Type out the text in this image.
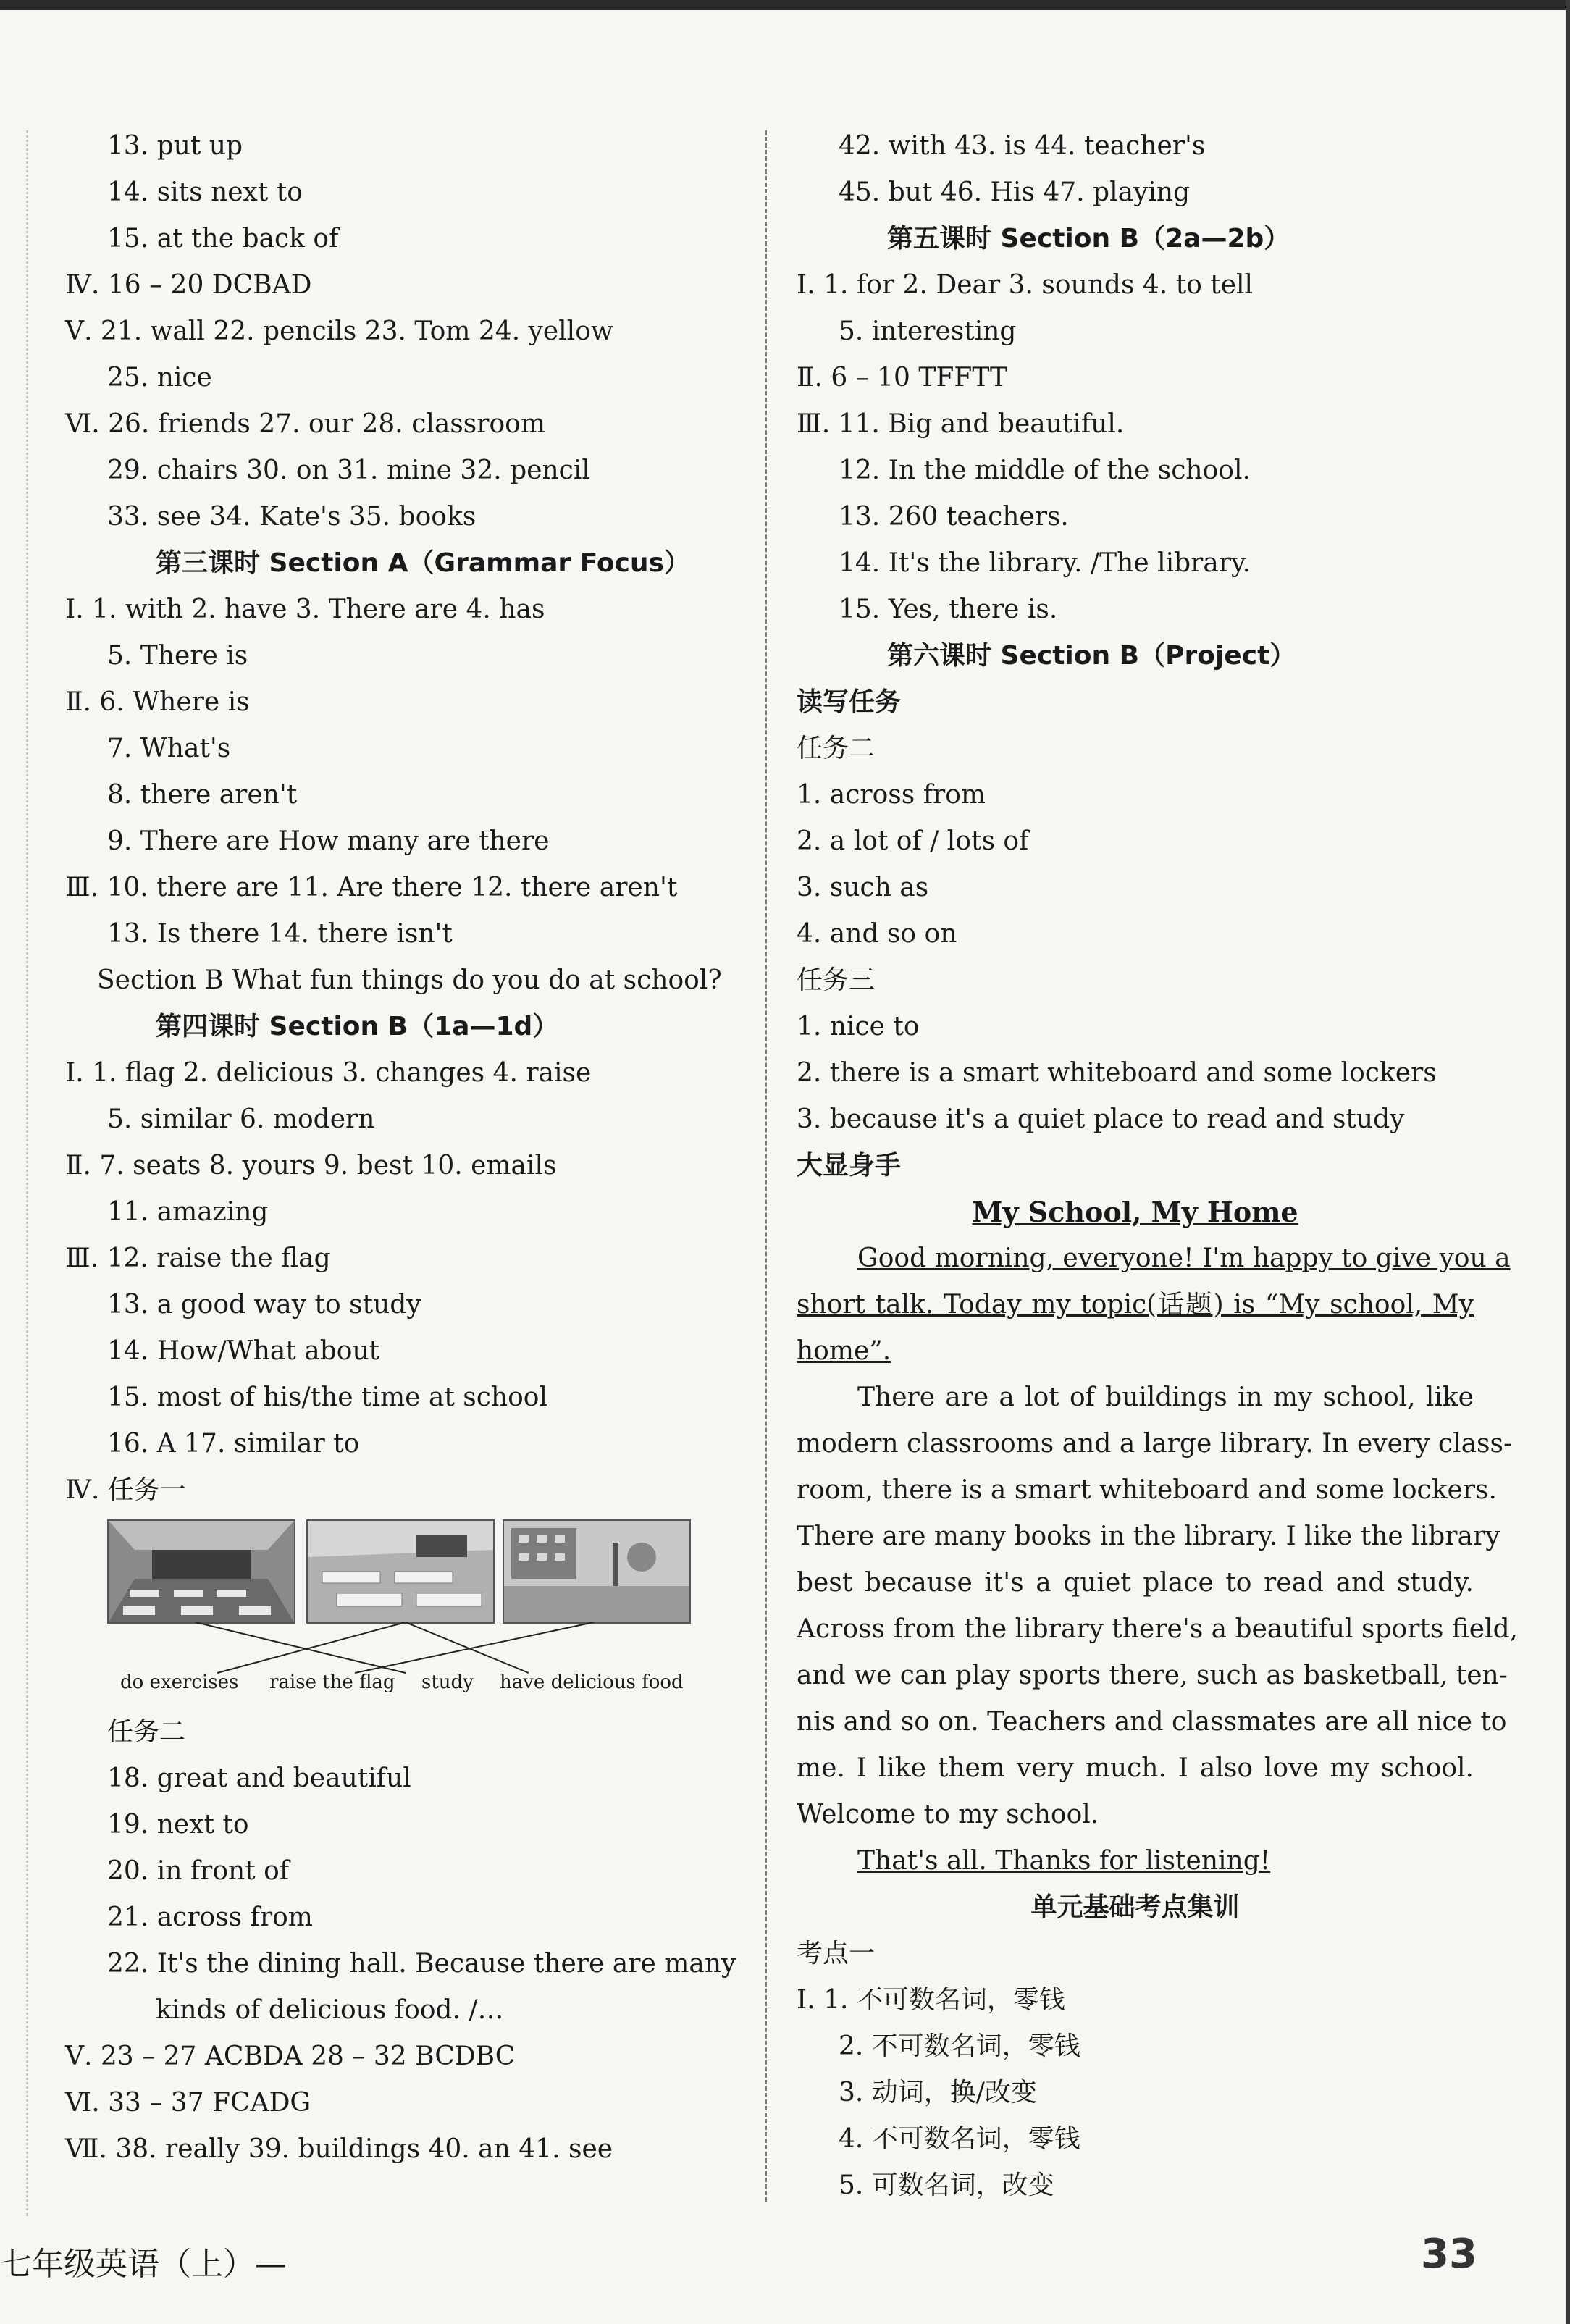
13. put up
14. sits next to
15. at the back of
Ⅳ. 16 – 20 DCBAD
Ⅴ. 21. wall 22. pencils 23. Tom 24. yellow
25. nice
Ⅵ. 26. friends 27. our 28. classroom
29. chairs 30. on 31. mine 32. pencil
33. see 34. Kate's 35. books
第三课时 Section A（Grammar Focus）
Ⅰ. 1. with 2. have 3. There are 4. has
5. There is
Ⅱ. 6. Where is
7. What's
8. there aren't
9. There are How many are there
Ⅲ. 10. there are 11. Are there 12. there aren't
13. Is there 14. there isn't
Section B What fun things do you do at school?
第四课时 Section B（1a—1d）
Ⅰ. 1. flag 2. delicious 3. changes 4. raise
5. similar 6. modern
Ⅱ. 7. seats 8. yours 9. best 10. emails
11. amazing
Ⅲ. 12. raise the flag
13. a good way to study
14. How/What about
15. most of his/the time at school
16. A 17. similar to
Ⅳ. 任务一
do exercises raise the flag study have delicious food
任务二
18. great and beautiful
19. next to
20. in front of
21. across from
22. It's the dining hall. Because there are many
kinds of delicious food. /…
Ⅴ. 23 – 27 ACBDA 28 – 32 BCDBC
Ⅵ. 33 – 37 FCADG
Ⅶ. 38. really 39. buildings 40. an 41. see
42. with 43. is 44. teacher's
45. but 46. His 47. playing
第五课时 Section B（2a—2b）
Ⅰ. 1. for 2. Dear 3. sounds 4. to tell
5. interesting
Ⅱ. 6 – 10 TFFTT
Ⅲ. 11. Big and beautiful.
12. In the middle of the school.
13. 260 teachers.
14. It's the library. /The library.
15. Yes, there is.
第六课时 Section B（Project）
读写任务
任务二
1. across from
2. a lot of / lots of
3. such as
4. and so on
任务三
1. nice to
2. there is a smart whiteboard and some lockers
3. because it's a quiet place to read and study
大显身手
My School, My Home
Good morning, everyone! I'm happy to give you a
short talk. Today my topic(话题) is “My school, My
home”.
There are a lot of buildings in my school, like
modern classrooms and a large library. In every class-
room, there is a smart whiteboard and some lockers.
There are many books in the library. I like the library
best because it's a quiet place to read and study.
Across from the library there's a beautiful sports field,
and we can play sports there, such as basketball, ten-
nis and so on. Teachers and classmates are all nice to
me. I like them very much. I also love my school.
Welcome to my school.
That's all. Thanks for listening!
单元基础考点集训
考点一
Ⅰ. 1. 不可数名词，零钱
2. 不可数名词，零钱
3. 动词，换/改变
4. 不可数名词，零钱
5. 可数名词，改变
七年级英语（上）—	33
